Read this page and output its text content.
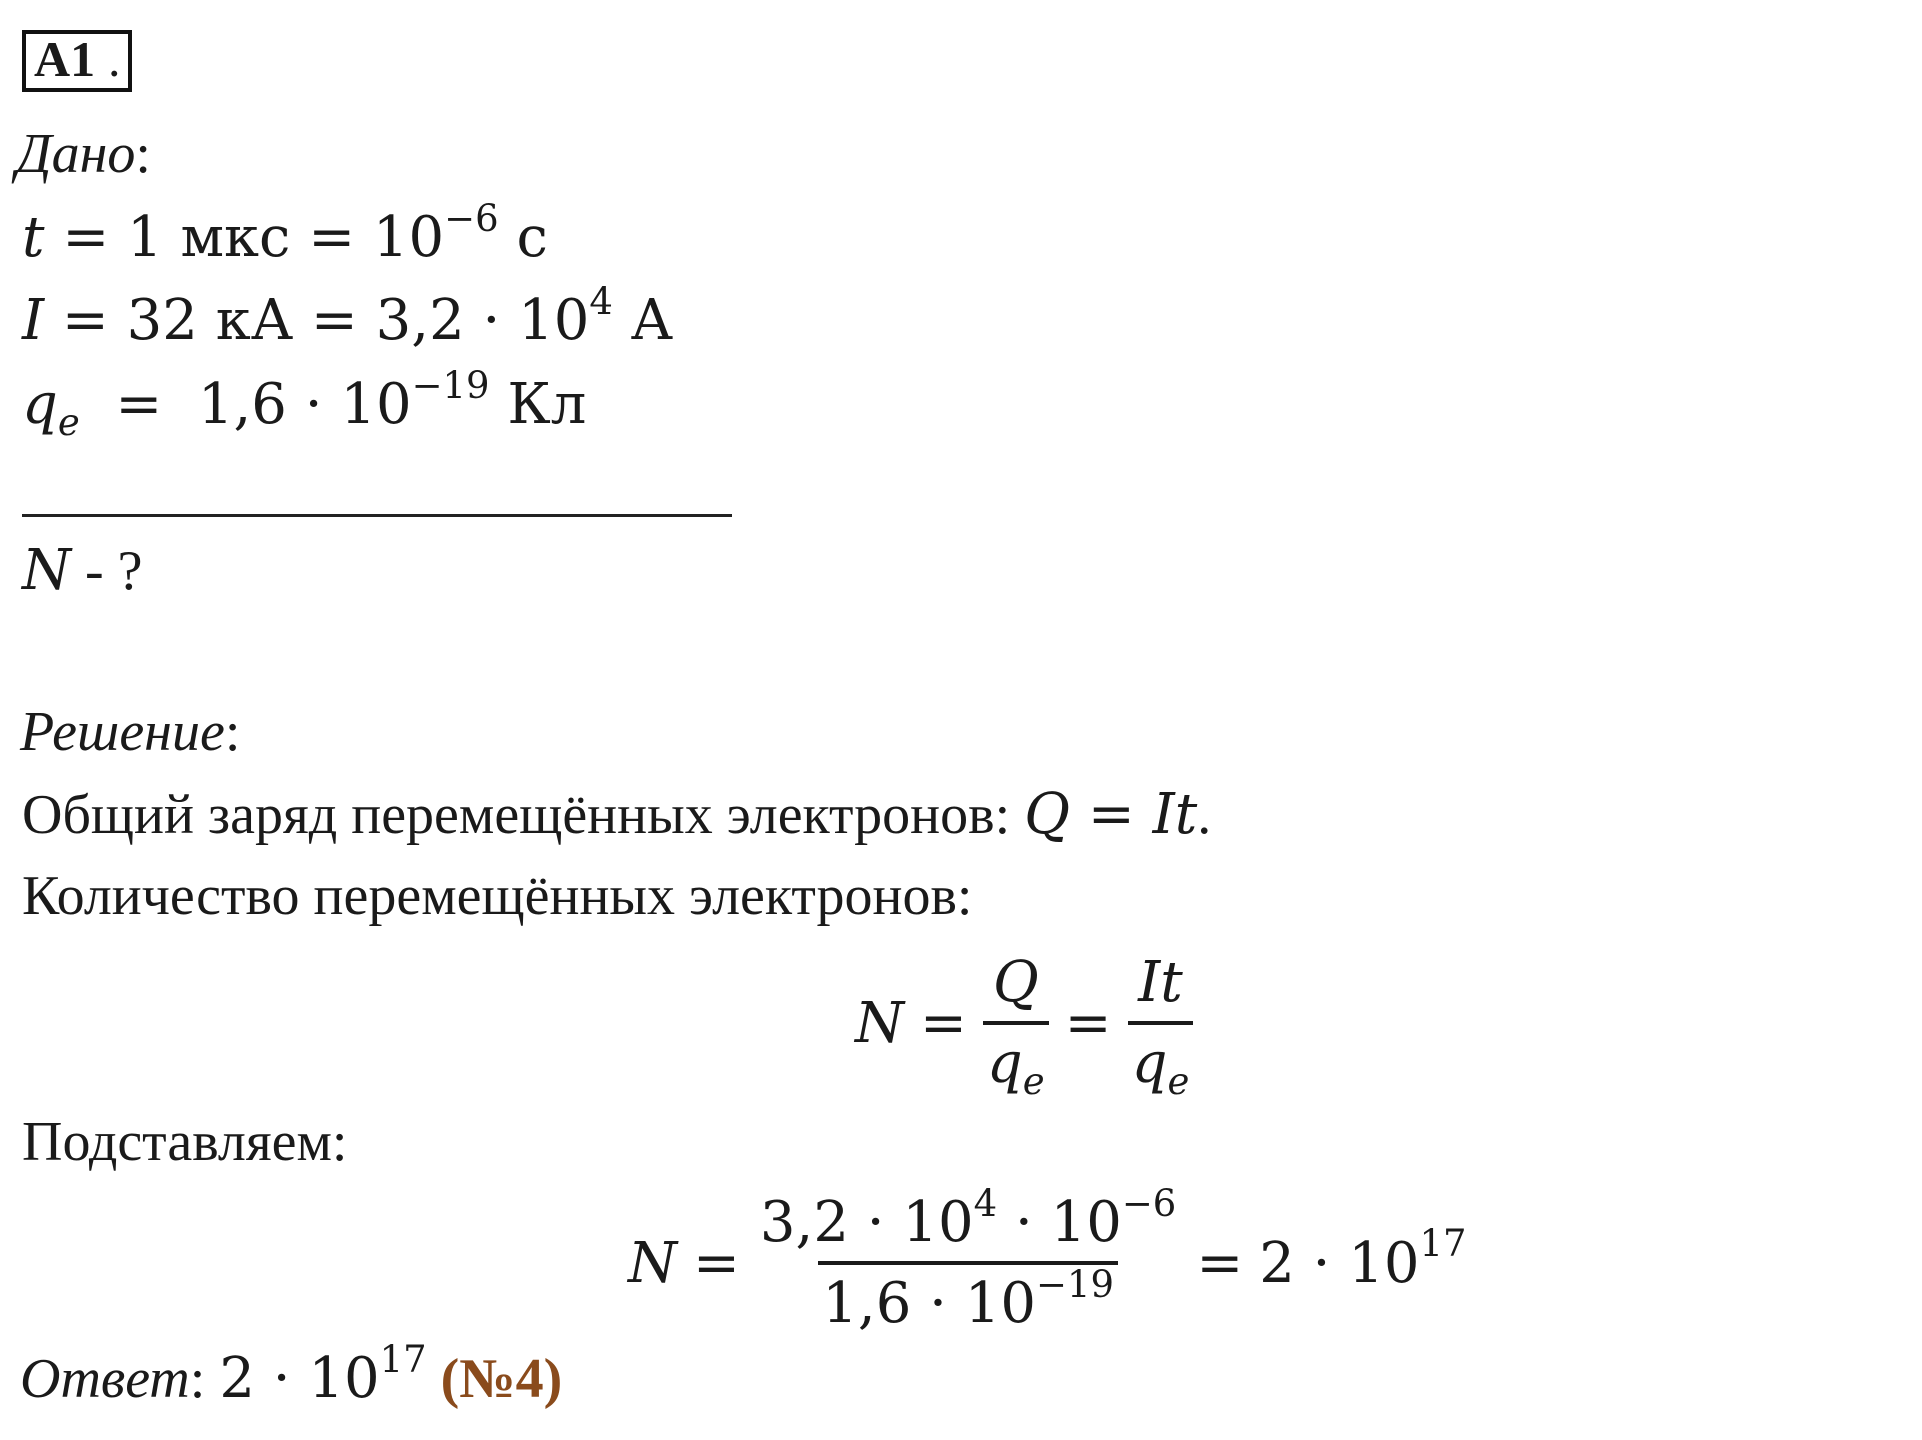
А1 .
Дано:
t = 1 мкс = $10^{-6}$ с
I = 32 кА = $3,2 \cdot 10^4$ А
$q_e = 1,6 \cdot 10^{-19}$ Кл
N - ?
Решение:
Общий заряд перемещённых электронов: Q = It.
Количество перемещённых электронов:
$N = \frac{Q}{q_e} = \frac{It}{q_e}$
Подставляем:
$N = \frac{3,2 \cdot 10^4 \cdot 10^{-6}}{1,6 \cdot 10^{-19}} = 2 \cdot 10^{17}$
Ответ: $2 \cdot 10^{17}$ (№4)
